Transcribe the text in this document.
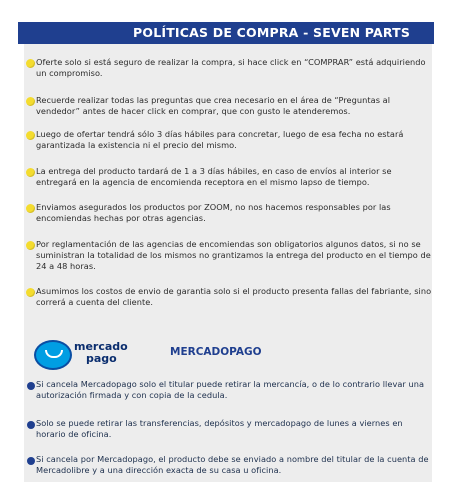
POLÍTICAS DE COMPRA - SEVEN PARTS
Oferte solo si está seguro de realizar la compra, si hace click en “COMPRAR” está adquiriendo un compromiso.
Recuerde realizar todas las preguntas que crea necesario en el área de “Preguntas al vendedor” antes de hacer click en comprar, que con gusto le atenderemos.
Luego de ofertar tendrá sólo 3 días hábiles para concretar, luego de esa fecha no estará garantizada la existencia ni el precio del mismo.
La entrega del producto tardará de 1 a 3 días hábiles, en caso de envíos al interior se entregará en la agencia de encomienda receptora en el mismo lapso de tiempo.
Enviamos asegurados los productos por ZOOM, no nos hacemos responsables por las encomiendas hechas por otras agencias.
Por reglamentación de las agencias de encomiendas son obligatorios algunos datos, si no se suministran la totalidad de los mismos no grantizamos la entrega del producto en el tiempo de 24 a 48 horas.
Asumimos los costos de envio de garantia solo si el producto presenta fallas del fabriante, sino correrá a cuenta del cliente.
mercado
pago	MERCADOPAGO
Si cancela Mercadopago solo el titular puede retirar la mercancía, o de lo contrario llevar una autorización firmada y con copia de la cedula.
Solo se puede retirar las transferencias, depósitos y mercadopago de lunes a viernes en horario de oficina.
Si cancela por Mercadopago, el producto debe se enviado a nombre del titular de la cuenta de Mercadolibre y a una dirección exacta de su casa u oficina.
